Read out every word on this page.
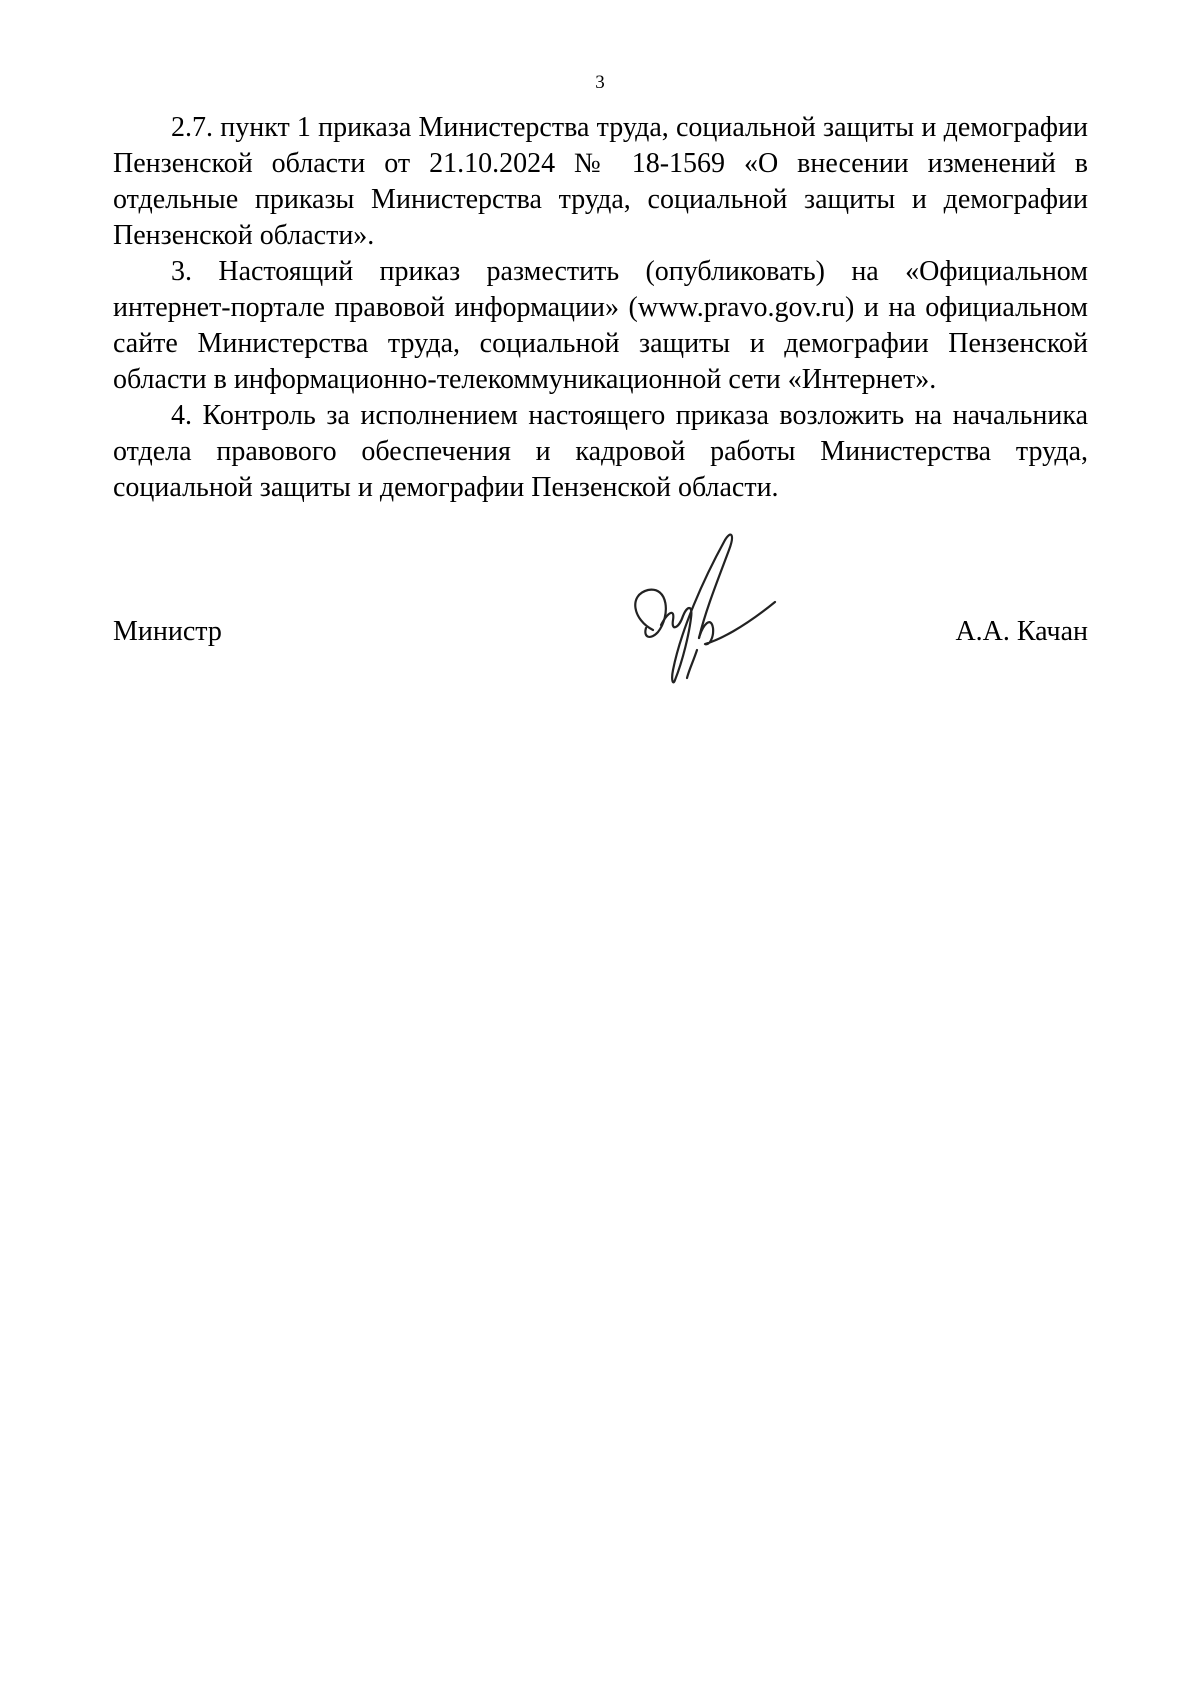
3

2.7. пункт 1 приказа Министерства труда, социальной защиты и демографии Пензенской области от 21.10.2024 № 18-1569 «О внесении изменений в отдельные приказы Министерства труда, социальной защиты и демографии Пензенской области».

3. Настоящий приказ разместить (опубликовать) на «Официальном интернет-портале правовой информации» (www.pravo.gov.ru) и на официальном сайте Министерства труда, социальной защиты и демографии Пензенской области в информационно-телекоммуникационной сети «Интернет».

4. Контроль за исполнением настоящего приказа возложить на начальника отдела правового обеспечения и кадровой работы Министерства труда, социальной защиты и демографии Пензенской области.

Министр	А.А. Качан
